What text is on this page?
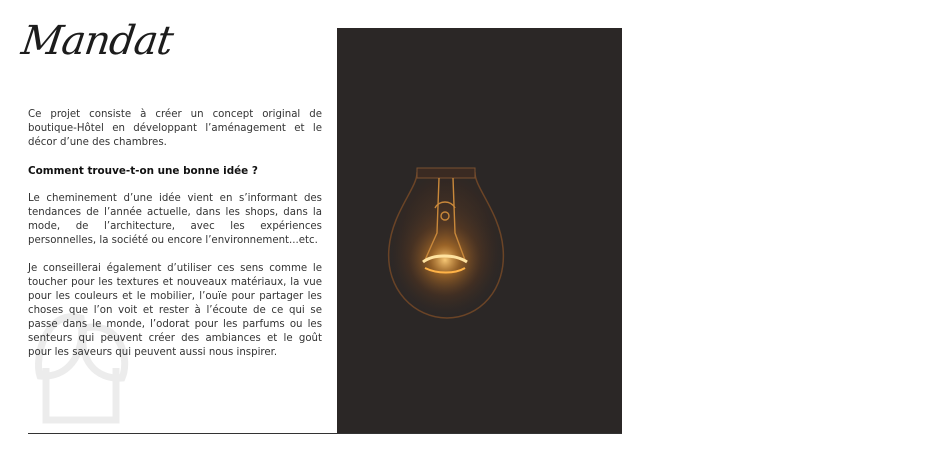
Mandat

Ce projet consiste à créer un concept original de boutique-Hôtel en développant l’aménagement et le décor d’une des chambres.

Comment trouve-t-on une bonne idée ?

Le cheminement d’une idée vient en s’informant des tendances de l’année actuelle, dans les shops, dans la mode, de l’architecture, avec les expériences personnelles, la société ou encore l’environnement...etc.

Je conseillerai également d’utiliser ces sens comme le toucher pour les textures et nouveaux matériaux, la vue pour les couleurs et le mobilier, l’ouïe pour partager les choses que l’on voit et rester à l’écoute de ce qui se passe dans le monde, l’odorat pour les parfums ou les senteurs qui peuvent créer des ambiances et le goût pour les saveurs qui peuvent aussi nous inspirer.

2
